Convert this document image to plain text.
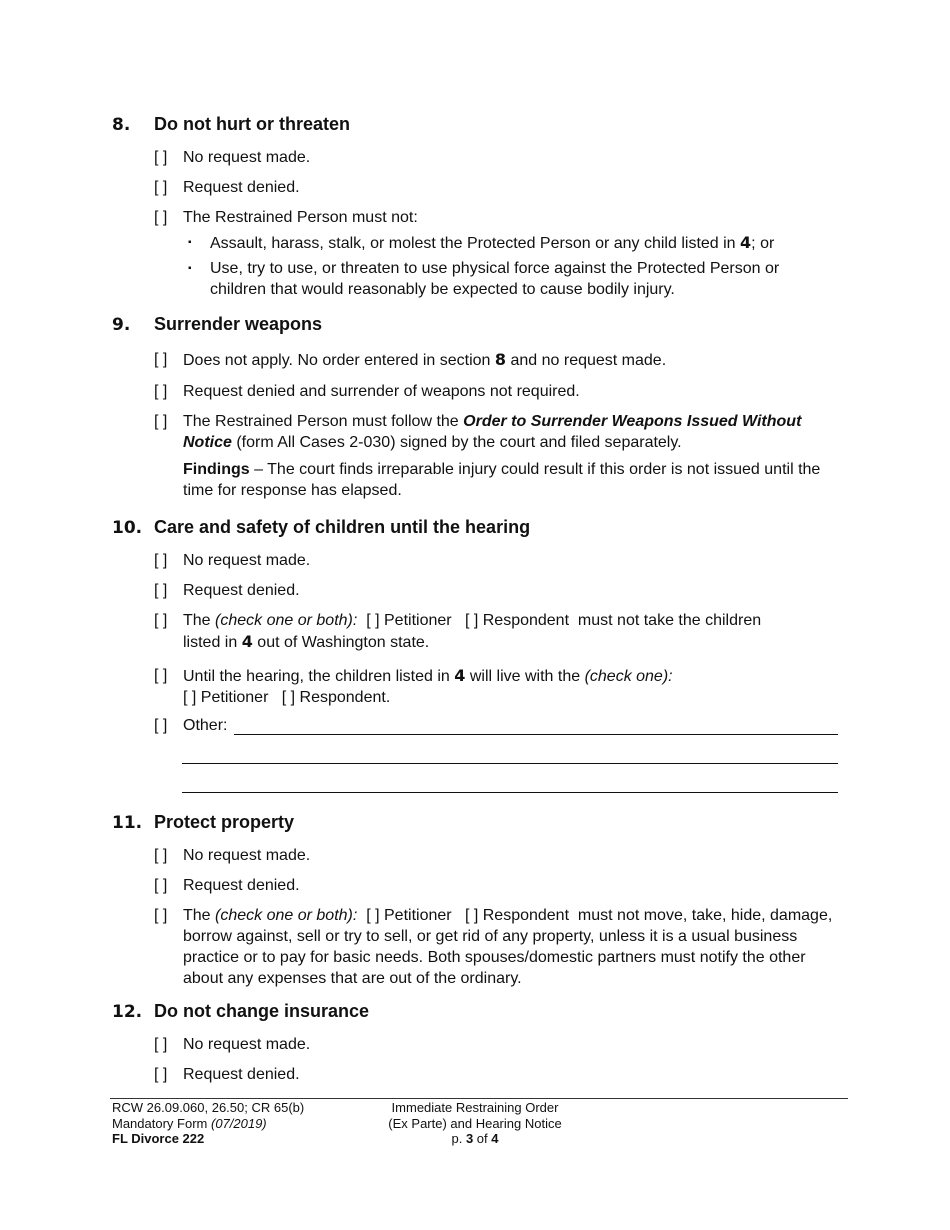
8.	Do not hurt or threaten
[ ] No request made.
[ ] Request denied.
[ ] The Restrained Person must not:
▪	Assault, harass, stalk, or molest the Protected Person or any child listed in 4; or
▪	Use, try to use, or threaten to use physical force against the Protected Person or children that would reasonably be expected to cause bodily injury.
9.	Surrender weapons
[ ] Does not apply. No order entered in section 8 and no request made.
[ ] Request denied and surrender of weapons not required.
[ ] The Restrained Person must follow the Order to Surrender Weapons Issued Without Notice (form All Cases 2-030) signed by the court and filed separately.
Findings – The court finds irreparable injury could result if this order is not issued until the time for response has elapsed.
10. Care and safety of children until the hearing
[ ] No request made.
[ ] Request denied.
[ ] The (check one or both): [ ] Petitioner [ ] Respondent must not take the children
listed in 4 out of Washington state.
[ ] Until the hearing, the children listed in 4 will live with the (check one):
[ ] Petitioner [ ] Respondent.
[ ] Other:
11. Protect property
[ ] No request made.
[ ] Request denied.
[ ] The (check one or both): [ ] Petitioner [ ] Respondent must not move, take, hide, damage, borrow against, sell or try to sell, or get rid of any property, unless it is a usual business practice or to pay for basic needs. Both spouses/domestic partners must notify the other about any expenses that are out of the ordinary.
12. Do not change insurance
[ ] No request made.
[ ] Request denied.
RCW 26.09.060, 26.50; CR 65(b)
Mandatory Form (07/2019)
FL Divorce 222
Immediate Restraining Order
(Ex Parte) and Hearing Notice
p. 3 of 4
